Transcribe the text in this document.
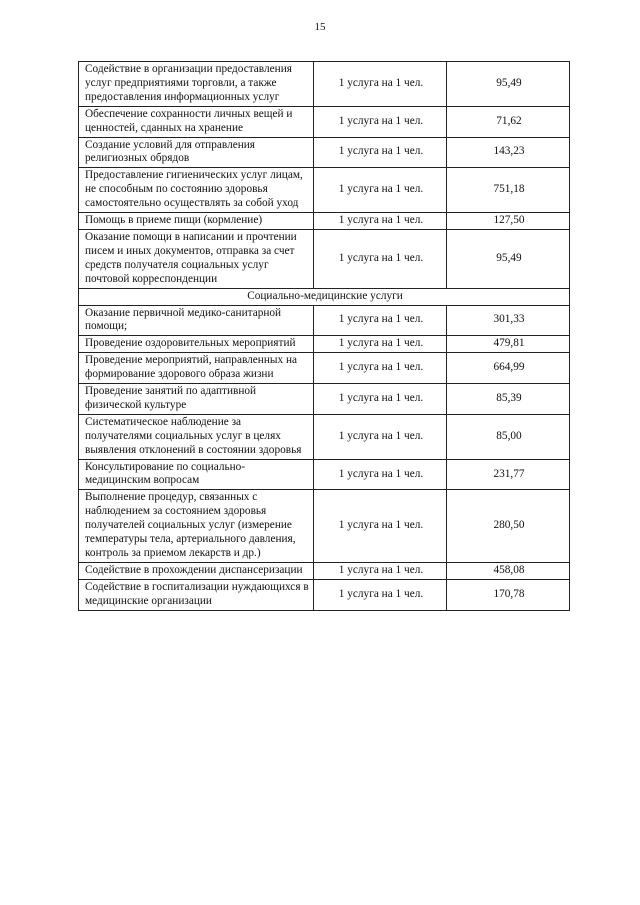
15
Содействие в организации предоставления услуг предприятиями торговли, а также предоставления информационных услуг	1 услуга на 1 чел.	95,49
Обеспечение сохранности личных вещей и ценностей, сданных на хранение	1 услуга на 1 чел.	71,62
Создание условий для отправления религиозных обрядов	1 услуга на 1 чел.	143,23
Предоставление гигиенических услуг лицам, не способным по состоянию здоровья самостоятельно осуществлять за собой уход	1 услуга на 1 чел.	751,18
Помощь в приеме пищи (кормление)	1 услуга на 1 чел.	127,50
Оказание помощи в написании и прочтении писем и иных документов, отправка за счет средств получателя социальных услуг почтовой корреспонденции	1 услуга на 1 чел.	95,49
Социально-медицинские услуги		
Оказание первичной медико-санитарной помощи;	1 услуга на 1 чел.	301,33
Проведение оздоровительных мероприятий	1 услуга на 1 чел.	479,81
Проведение мероприятий, направленных на формирование здорового образа жизни	1 услуга на 1 чел.	664,99
Проведение занятий по адаптивной физической культуре	1 услуга на 1 чел.	85,39
Систематическое наблюдение за получателями социальных услуг в целях выявления отклонений в состоянии здоровья	1 услуга на 1 чел.	85,00
Консультирование по социально-медицинским вопросам	1 услуга на 1 чел.	231,77
Выполнение процедур, связанных с наблюдением за состоянием здоровья получателей социальных услуг (измерение температуры тела, артериального давления, контроль за приемом лекарств и др.)	1 услуга на 1 чел.	280,50
Содействие в прохождении диспансеризации	1 услуга на 1 чел.	458,08
Содействие в госпитализации нуждающихся в медицинские организации	1 услуга на 1 чел.	170,78
